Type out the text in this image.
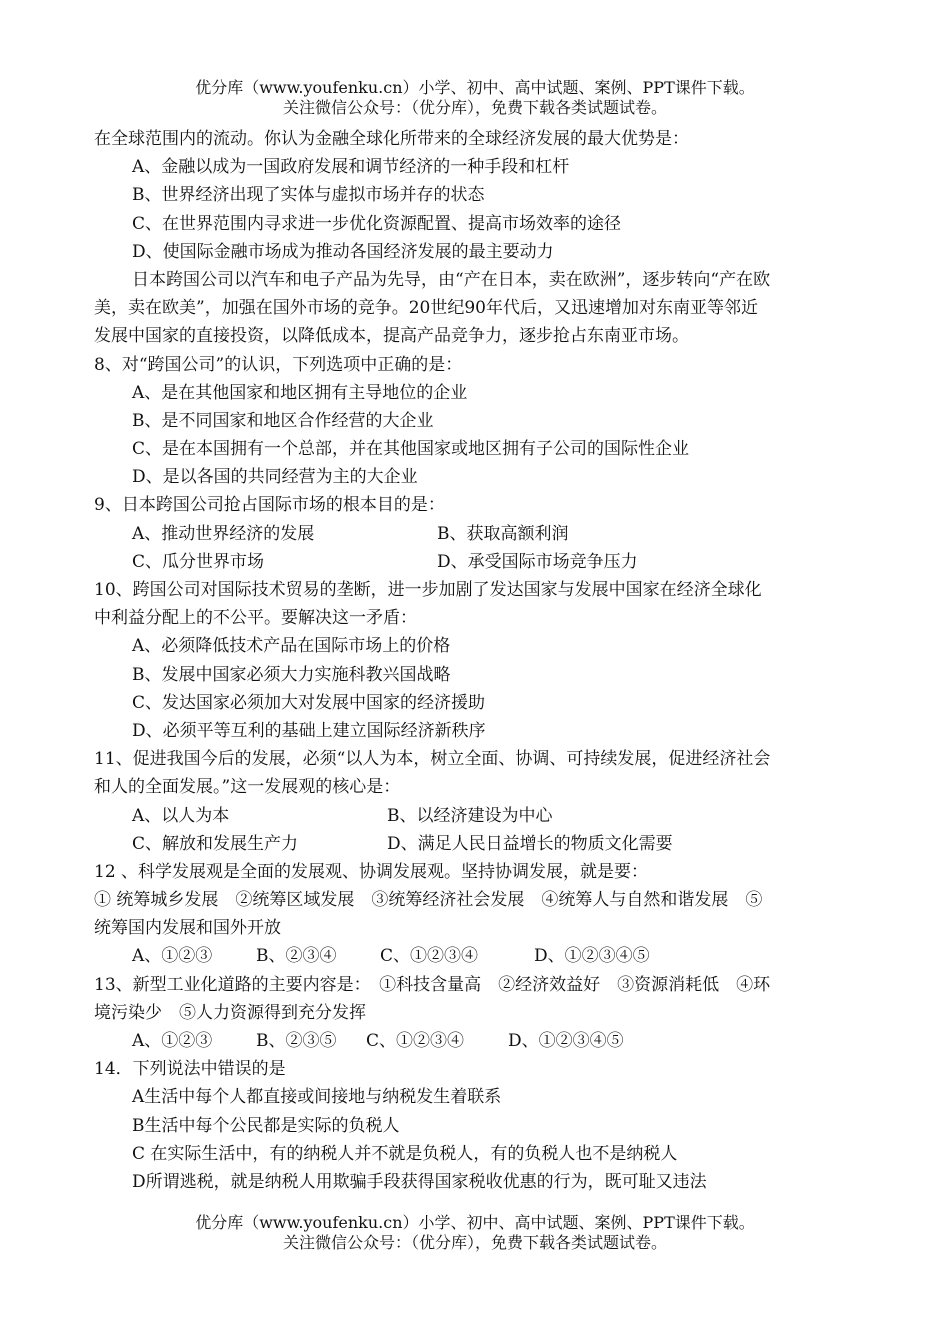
优分库（www.youfenku.cn）小学、初中、高中试题、案例、PPT课件下载。
关注微信公众号：（优分库），免费下载各类试题试卷。
在全球范围内的流动。你认为金融全球化所带来的全球经济发展的最大优势是：
A、金融以成为一国政府发展和调节经济的一种手段和杠杆
B、世界经济出现了实体与虚拟市场并存的状态
C、在世界范围内寻求进一步优化资源配置、提高市场效率的途径
D、使国际金融市场成为推动各国经济发展的最主要动力
日本跨国公司以汽车和电子产品为先导，由“产在日本，卖在欧洲”，逐步转向“产在欧
美，卖在欧美”，加强在国外市场的竞争。20世纪90年代后，又迅速增加对东南亚等邻近
发展中国家的直接投资，以降低成本，提高产品竞争力，逐步抢占东南亚市场。
8、对“跨国公司”的认识，下列选项中正确的是：
A、是在其他国家和地区拥有主导地位的企业
B、是不同国家和地区合作经营的大企业
C、是在本国拥有一个总部，并在其他国家或地区拥有子公司的国际性企业
D、是以各国的共同经营为主的大企业
9、日本跨国公司抢占国际市场的根本目的是：
A、推动世界经济的发展	B、获取高额利润
C、瓜分世界市场	D、承受国际市场竞争压力
10、跨国公司对国际技术贸易的垄断，进一步加剧了发达国家与发展中国家在经济全球化
中利益分配上的不公平。要解决这一矛盾：
A、必须降低技术产品在国际市场上的价格
B、发展中国家必须大力实施科教兴国战略
C、发达国家必须加大对发展中国家的经济援助
D、必须平等互利的基础上建立国际经济新秩序
11、促进我国今后的发展，必须“以人为本，树立全面、协调、可持续发展，促进经济社会
和人的全面发展。”这一发展观的核心是：
A、以人为本	B、以经济建设为中心
C、解放和发展生产力	D、满足人民日益增长的物质文化需要
12 、科学发展观是全面的发展观、协调发展观。坚持协调发展，就是要：
① 统筹城乡发展　②统筹区域发展　③统筹经济社会发展　④统筹人与自然和谐发展　⑤
统筹国内发展和国外开放
A、①②③	B、②③④	C、①②③④	D、①②③④⑤
13、新型工业化道路的主要内容是：　①科技含量高　②经济效益好　③资源消耗低　④环
境污染少　⑤人力资源得到充分发挥
A、①②③	B、②③⑤ C、①②③④	D、①②③④⑤
14．下列说法中错误的是
A生活中每个人都直接或间接地与纳税发生着联系
B生活中每个公民都是实际的负税人
C 在实际生活中，有的纳税人并不就是负税人，有的负税人也不是纳税人
D所谓逃税，就是纳税人用欺骗手段获得国家税收优惠的行为，既可耻又违法
优分库（www.youfenku.cn）小学、初中、高中试题、案例、PPT课件下载。
关注微信公众号：（优分库），免费下载各类试题试卷。
